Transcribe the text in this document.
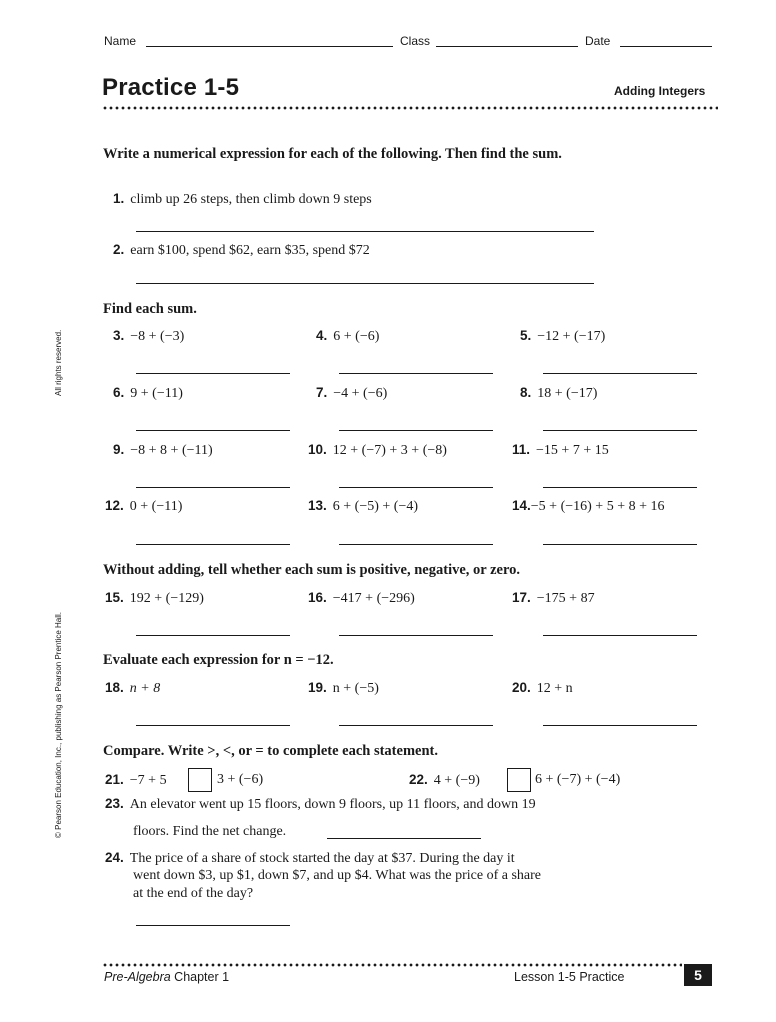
Name	Class	Date
Practice 1-5	Adding Integers
All rights reserved.
© Pearson Education, Inc., publishing as Pearson Prentice Hall.
Write a numerical expression for each of the following. Then find the sum.
1. climb up 26 steps, then climb down 9 steps
2. earn $100, spend $62, earn $35, spend $72
Find each sum.
3. −8 + (−3)	4. 6 + (−6)	5. −12 + (−17)
6. 9 + (−11)	7. −4 + (−6)	8. 18 + (−17)
9. −8 + 8 + (−11)	10. 12 + (−7) + 3 + (−8)	11. −15 + 7 + 15
12. 0 + (−11)	13. 6 + (−5) + (−4)	14.−5 + (−16) + 5 + 8 + 16
Without adding, tell whether each sum is positive, negative, or zero.
15. 192 + (−129)	16. −417 + (−296)	17. −175 + 87
Evaluate each expression for n = −12.
18. n + 8	19. n + (−5)	20. 12 + n
Compare. Write >, <, or = to complete each statement.
21. −7 + 5	3 + (−6)	22. 4 + (−9)	6 + (−7) + (−4)
23. An elevator went up 15 floors, down 9 floors, up 11 floors, and down 19
floors. Find the net change.
24. The price of a share of stock started the day at $37. During the day it
went down $3, up $1, down $7, and up $4. What was the price of a share
at the end of the day?
Pre-Algebra Chapter 1	Lesson 1-5 Practice	5
